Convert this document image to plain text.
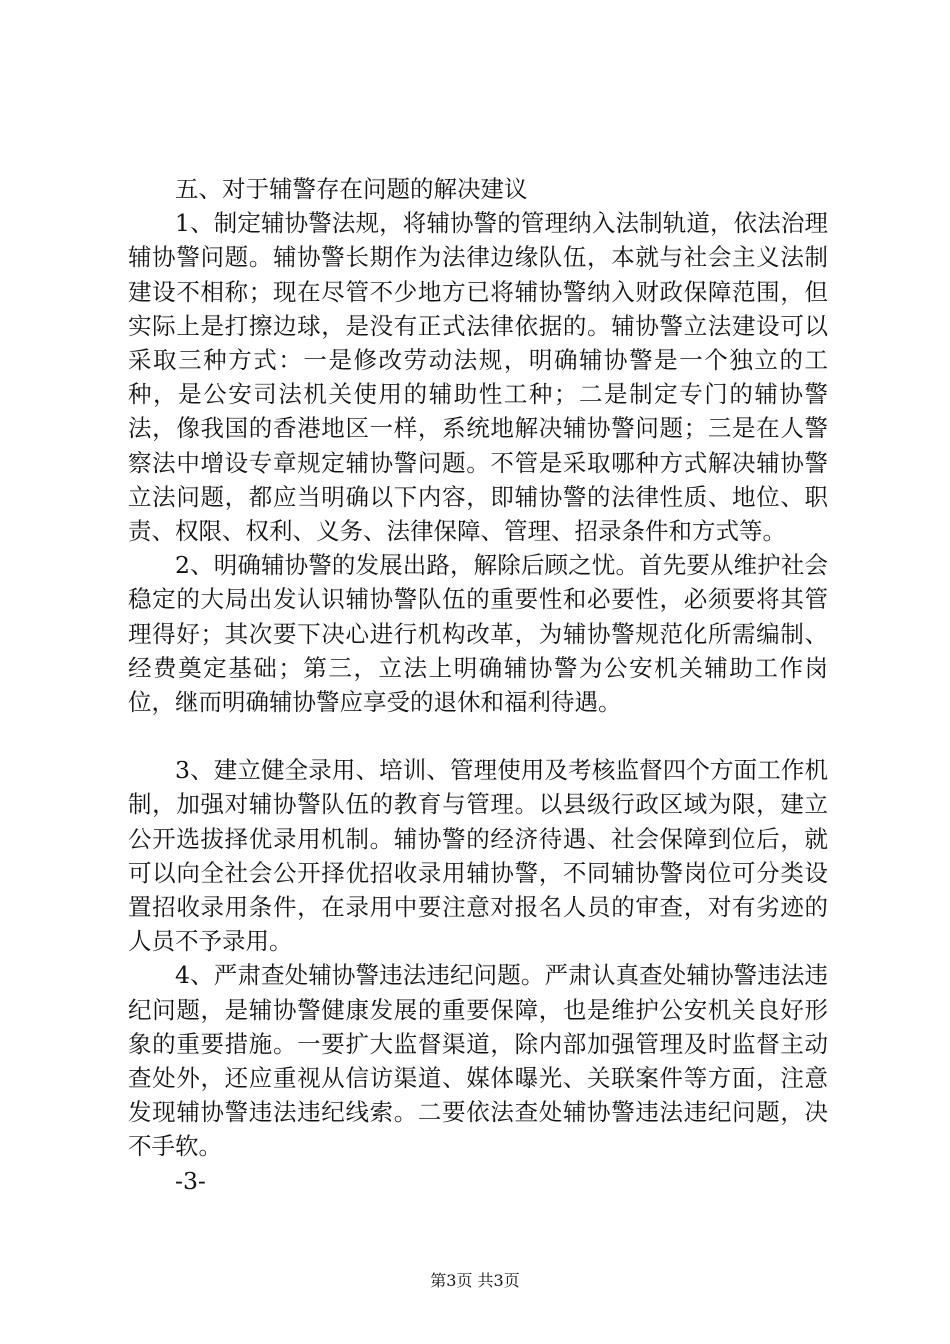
五、对于辅警存在问题的解决建议

1、制定辅协警法规，将辅协警的管理纳入法制轨道，依法治理辅协警问题。辅协警长期作为法律边缘队伍，本就与社会主义法制建设不相称；现在尽管不少地方已将辅协警纳入财政保障范围，但实际上是打擦边球，是没有正式法律依据的。辅协警立法建设可以采取三种方式：一是修改劳动法规，明确辅协警是一个独立的工种，是公安司法机关使用的辅助性工种；二是制定专门的辅协警法，像我国的香港地区一样，系统地解决辅协警问题；三是在人警察法中增设专章规定辅协警问题。不管是采取哪种方式解决辅协警立法问题，都应当明确以下内容，即辅协警的法律性质、地位、职责、权限、权利、义务、法律保障、管理、招录条件和方式等。

2、明确辅协警的发展出路，解除后顾之忧。首先要从维护社会稳定的大局出发认识辅协警队伍的重要性和必要性，必须要将其管理得好；其次要下决心进行机构改革，为辅协警规范化所需编制、经费奠定基础；第三，立法上明确辅协警为公安机关辅助工作岗位，继而明确辅协警应享受的退休和福利待遇。

3、建立健全录用、培训、管理使用及考核监督四个方面工作机制，加强对辅协警队伍的教育与管理。以县级行政区域为限，建立公开选拔择优录用机制。辅协警的经济待遇、社会保障到位后，就可以向全社会公开择优招收录用辅协警，不同辅协警岗位可分类设置招收录用条件，在录用中要注意对报名人员的审查，对有劣迹的人员不予录用。

4、严肃查处辅协警违法违纪问题。严肃认真查处辅协警违法违纪问题，是辅协警健康发展的重要保障，也是维护公安机关良好形象的重要措施。一要扩大监督渠道，除内部加强管理及时监督主动查处外，还应重视从信访渠道、媒体曝光、关联案件等方面，注意发现辅协警违法违纪线索。二要依法查处辅协警违法违纪问题，决不手软。

-3-

第3页 共3页
